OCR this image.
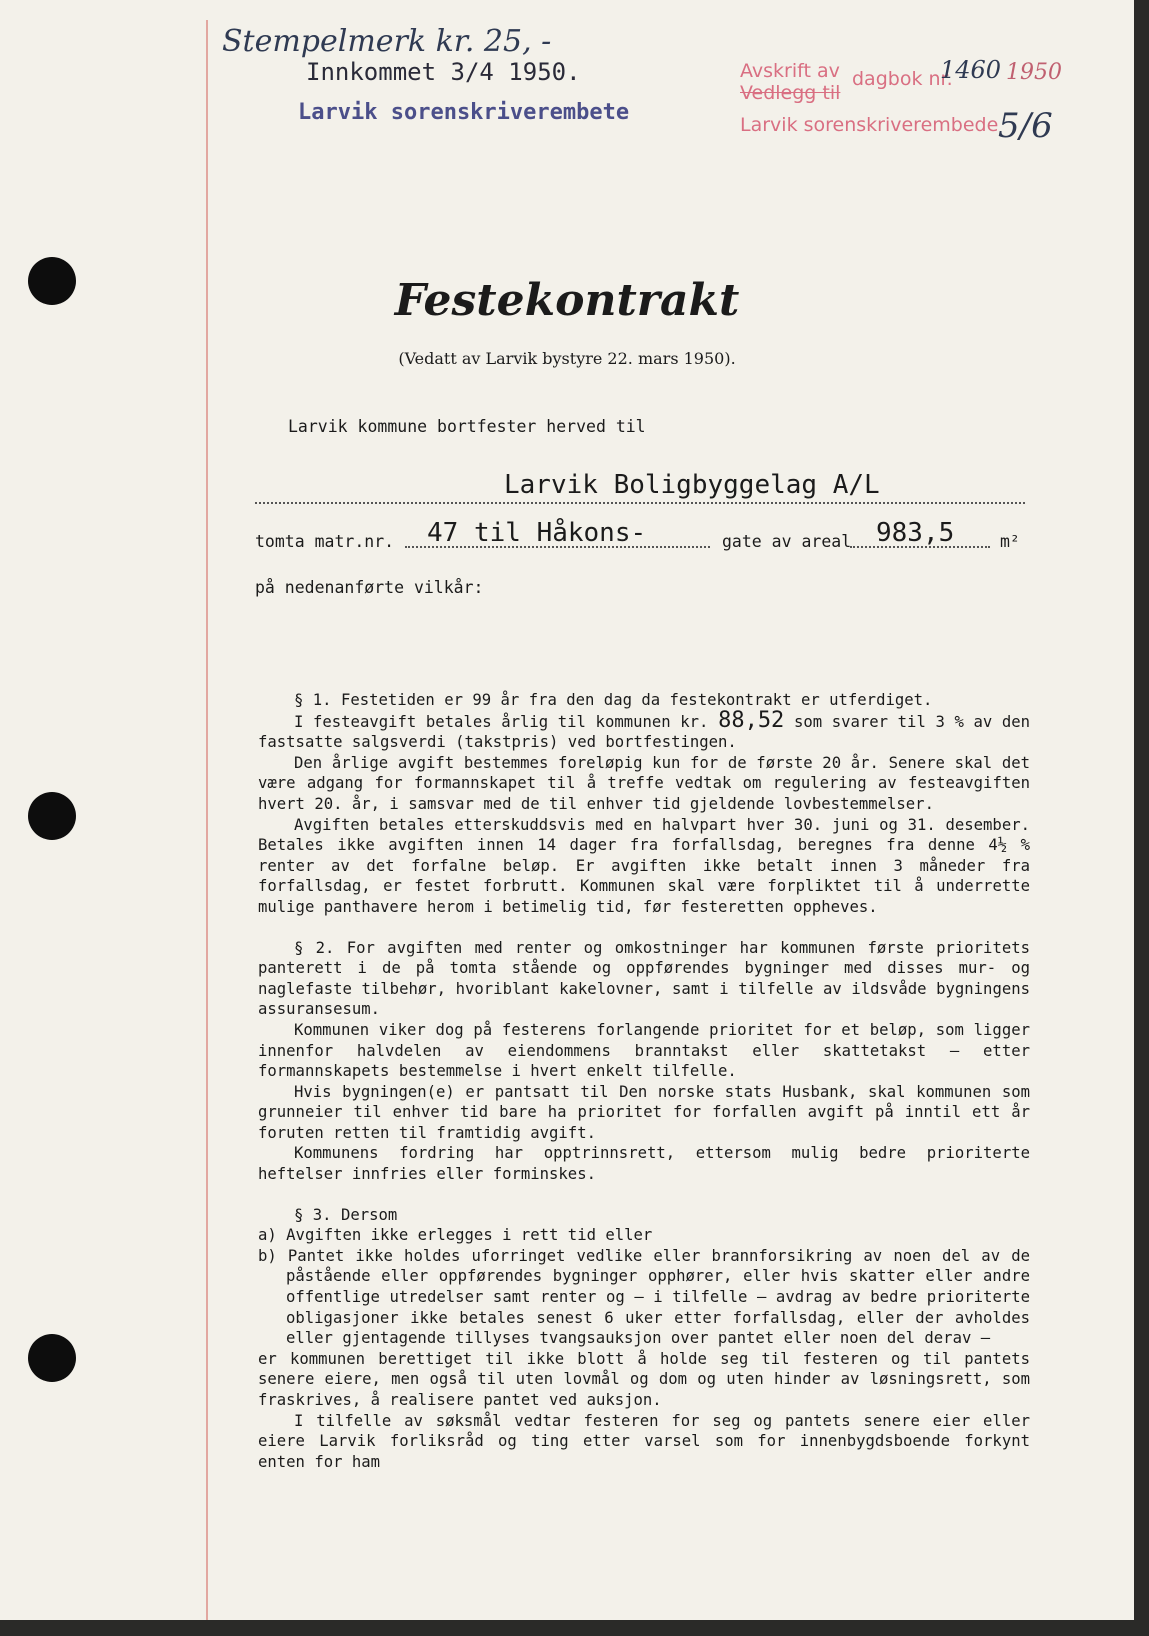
Stempelmerk kr. 25, -
Innkommet 3/4 1950.
Larvik sorenskriverembete
Avskrift av
Vedlegg til
dagbok nr.
1460 1950
Larvik sorenskriverembede 5/6
Festekontrakt
(Vedatt av Larvik bystyre 22. mars 1950).
Larvik kommune bortfester herved til
Larvik Boligbyggelag A/L
tomta matr.nr. 47 til Håkons-	gate av areal 983,5	m²
på nedenanførte vilkår:

§ 1. Festetiden er 99 år fra den dag da festekontrakt er utferdiget.

I festeavgift betales årlig til kommunen kr. 88,52 som svarer til 3 % av den fastsatte salgsverdi (takstpris) ved bortfestingen.

Den årlige avgift bestemmes foreløpig kun for de første 20 år. Senere skal det være adgang for formannskapet til å treffe vedtak om regulering av festeavgiften hvert 20. år, i samsvar med de til enhver tid gjeldende lovbestemmelser.

Avgiften betales etterskuddsvis med en halvpart hver 30. juni og 31. desember. Betales ikke avgiften innen 14 dager fra forfallsdag, beregnes fra denne 4½ % renter av det forfalne beløp. Er avgiften ikke betalt innen 3 måneder fra forfallsdag, er festet forbrutt. Kommunen skal være forpliktet til å underrette mulige panthavere herom i betimelig tid, før festeretten oppheves.

§ 2. For avgiften med renter og omkostninger har kommunen første prioritets panterett i de på tomta stående og oppførendes bygninger med disses mur- og naglefaste tilbehør, hvoriblant kakelovner, samt i tilfelle av ildsvåde bygningens assuransesum.

Kommunen viker dog på festerens forlangende prioritet for et beløp, som ligger innenfor halvdelen av eiendommens branntakst eller skattetakst — etter formannskapets bestemmelse i hvert enkelt tilfelle.

Hvis bygningen(e) er pantsatt til Den norske stats Husbank, skal kommunen som grunneier til enhver tid bare ha prioritet for forfallen avgift på inntil ett år foruten retten til framtidig avgift.

Kommunens fordring har opptrinnsrett, ettersom mulig bedre prioriterte heftelser innfries eller forminskes.

§ 3. Dersom

a) Avgiften ikke erlegges i rett tid eller

b) Pantet ikke holdes uforringet vedlike eller brannforsikring av noen del av de påstående eller oppførendes bygninger opphører, eller hvis skatter eller andre offentlige utredelser samt renter og — i tilfelle — avdrag av bedre prioriterte obligasjoner ikke betales senest 6 uker etter forfallsdag, eller der avholdes eller gjentagende tillyses tvangsauksjon over pantet eller noen del derav —

er kommunen berettiget til ikke blott å holde seg til festeren og til pantets senere eiere, men også til uten lovmål og dom og uten hinder av løsningsrett, som fraskrives, å realisere pantet ved auksjon.

I tilfelle av søksmål vedtar festeren for seg og pantets senere eier eller eiere Larvik forliksråd og ting etter varsel som for innenbygdsboende forkynt enten for ham
